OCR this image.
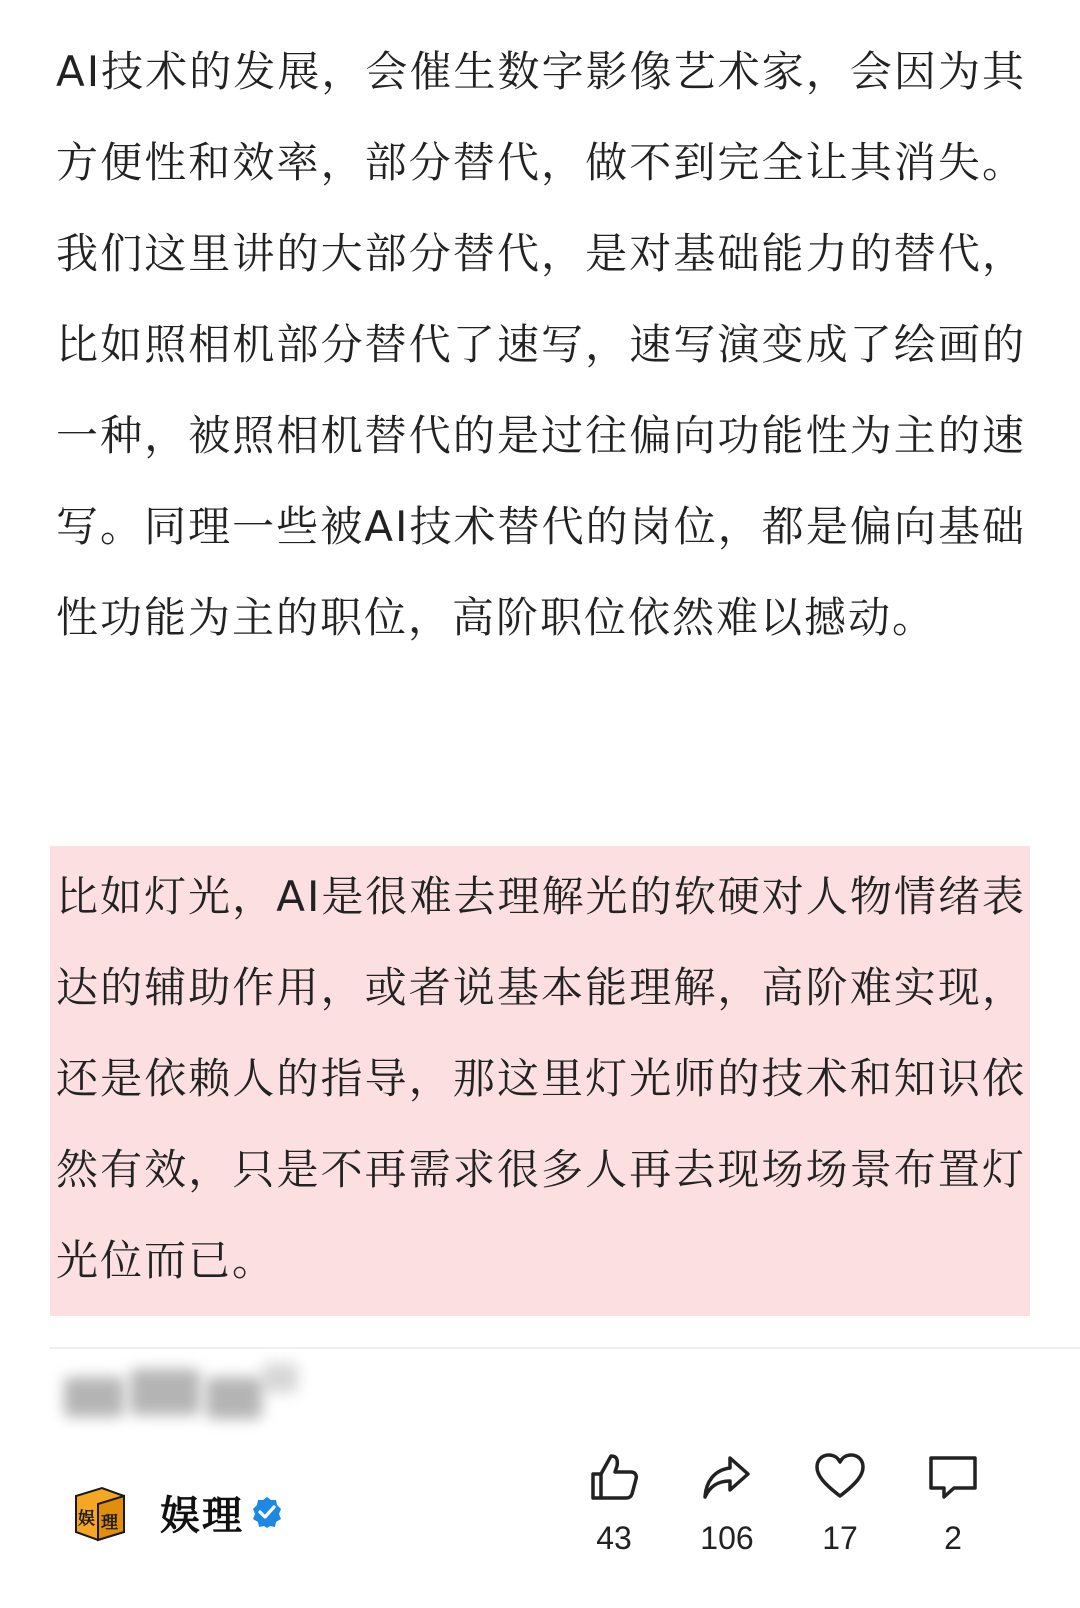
AI技术的发展，会催生数字影像艺术家，会因为其方便性和效率，部分替代，做不到完全让其消失。我们这里讲的大部分替代，是对基础能力的替代，比如照相机部分替代了速写，速写演变成了绘画的一种，被照相机替代的是过往偏向功能性为主的速写。同理一些被AI技术替代的岗位，都是偏向基础性功能为主的职位，高阶职位依然难以撼动。

比如灯光，AI是很难去理解光的软硬对人物情绪表达的辅助作用，或者说基本能理解，高阶难实现，还是依赖人的指导，那这里灯光师的技术和知识依然有效，只是不再需求很多人再去现场场景布置灯光位而已。

娱 理 娱理	43	106	17	2
